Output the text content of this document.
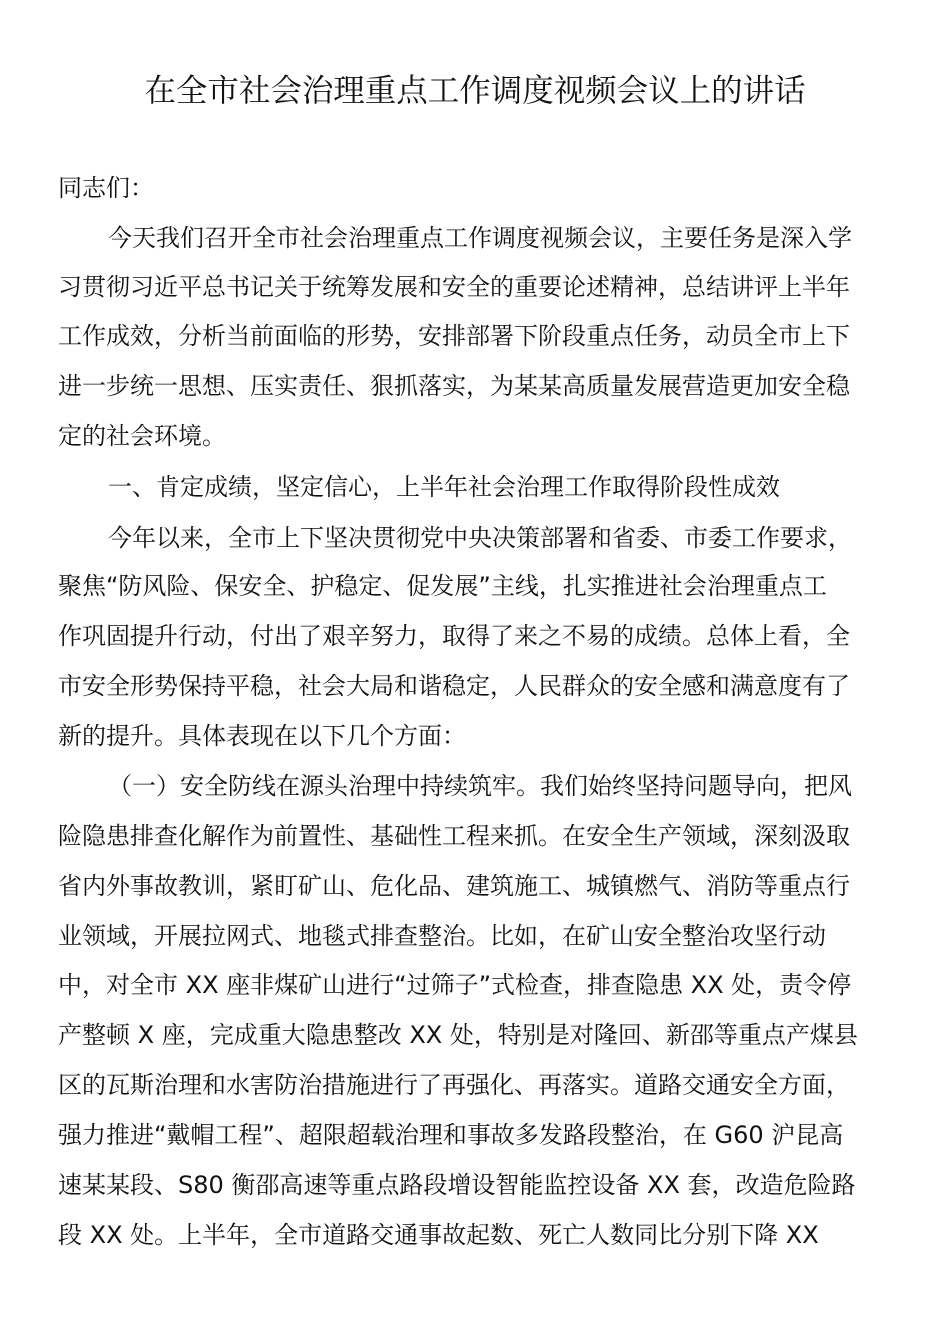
在全市社会治理重点工作调度视频会议上的讲话
同志们：
今天我们召开全市社会治理重点工作调度视频会议，主要任务是深入学
习贯彻习近平总书记关于统筹发展和安全的重要论述精神，总结讲评上半年
工作成效，分析当前面临的形势，安排部署下阶段重点任务，动员全市上下
进一步统一思想、压实责任、狠抓落实，为某某高质量发展营造更加安全稳
定的社会环境。
一、肯定成绩，坚定信心，上半年社会治理工作取得阶段性成效
今年以来，全市上下坚决贯彻党中央决策部署和省委、市委工作要求，
聚焦“防风险、保安全、护稳定、促发展”主线，扎实推进社会治理重点工
作巩固提升行动，付出了艰辛努力，取得了来之不易的成绩。总体上看，全
市安全形势保持平稳，社会大局和谐稳定，人民群众的安全感和满意度有了
新的提升。具体表现在以下几个方面：
（一）安全防线在源头治理中持续筑牢。我们始终坚持问题导向，把风
险隐患排查化解作为前置性、基础性工程来抓。在安全生产领域，深刻汲取
省内外事故教训，紧盯矿山、危化品、建筑施工、城镇燃气、消防等重点行
业领域，开展拉网式、地毯式排查整治。比如，在矿山安全整治攻坚行动
中，对全市 XX 座非煤矿山进行“过筛子”式检查，排查隐患 XX 处，责令停
产整顿 X 座，完成重大隐患整改 XX 处，特别是对隆回、新邵等重点产煤县
区的瓦斯治理和水害防治措施进行了再强化、再落实。道路交通安全方面，
强力推进“戴帽工程”、超限超载治理和事故多发路段整治，在 G60 沪昆高
速某某段、S80 衡邵高速等重点路段增设智能监控设备 XX 套，改造危险路
段 XX 处。上半年，全市道路交通事故起数、死亡人数同比分别下降 XX
